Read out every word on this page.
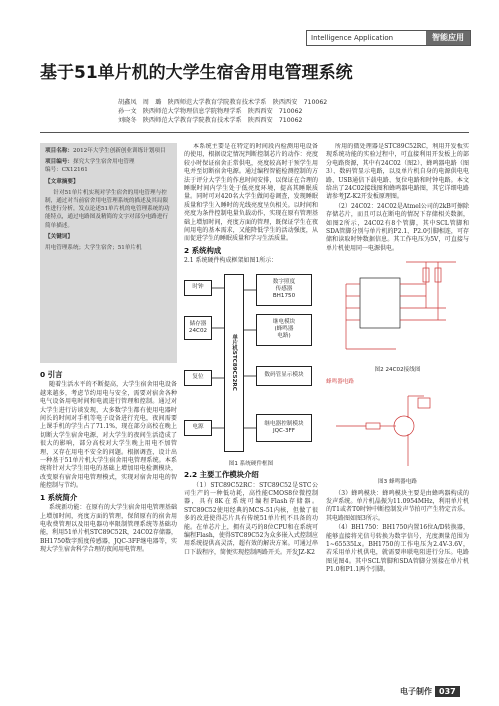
Intelligence Application	智能应用
基于51单片机的大学生宿舍用电管理系统
胡鑫凤　周　璐　陕西师范大学教育学院教育技术学系　陕西西安　710062
孙一文　陕西师范大学物理信息学院物理学系　陕西西安　710062
刘晓冬　陕西师范大学教育学院教育技术学系　陕西西安　710062

项目名称：2012年大学生创新创业训练计划项目

项目编号：探究大学生宿舍用电管理
编号：CX12161

【文章摘要】

针对51单片机实现对学生宿舍的用电管理与控制，通过对当前宿舍用电管理系统的描述及其局限性进行分析，发点论述51单片机的电管理系统的功能特点，通过电路图及精简的文字对部分电路进行简单描述。

【关键词】

用电管理系统；大学生宿舍；51单片机

0 引言

随着生活水平的不断提高，大学生宿舍用电设备越来越多，考虑节约用电与安全，需要对宿舍各种电气设备用电时间和电流进行管理和控制。通过对大学生进行访谈发现，大多数学生都有使用电器时间长的时间对手机等电子设备进行充电，夜间需要上课手机的学生占了71.1%，现在部分高校在晚上切断大学生宿舍电源，对大学生的夜间生活造成了很大的影响，部分高校对大学生晚上用电不加管理，又存在用电不安全的问题。根据调查，设计出一种基于51单片机大学生宿舍用电管理系统。本系统将针对大学生用电的基础上增加用电检测模块，改变原有宿舍用电管理模式，实现对宿舍用电的智能控制与节约。

1 系统简介

系统新功能：在原有的大学生宿舍用电管理基础上增加时间，亮度方面的管理，保留原有的宿舍用电收费管理以及用电器功率限制管理系统等基础功能，利用51单片机STC89C52R，24C02存储器，BH1750数字照度传感器，JQC-3FF继电器等，实现大学生宿舍科学合理的夜间用电管理。

本系统主要是在特定的时间段内检测用电设备的使用，根据设定情况判断控制芯片的动作：亮度较小时保证宿舍正常供电，亮度较高时于预学生用电并至切断宿舍电源。通过编程智能检测控制的方法于评分大学生的作息时间安排，以保证在合理的睡眠时间内学生处于低亮度环境，提高其睡眠质量。同时可对420名大学生做问卷调查，发现睡眠质量和学生入睡时的光线亮度呈负相关。以时间和亮度为条件控制电量负载动作，实现在原有管理基础上增加时间，亮度方面的管理，既保证学生在夜间用电的基本需求，又能降低学生的活动强度，从而促进学生的睡眠质量和学习生活质量。

2 系统构成

2.1 系统硬件构成框架如图1所示：

时钟
储存器
24C02
复位
电源
单片机STC89C52RC
数字照度
传感器
BH1750
继电模块
(蜂鸣器
电路)
数码管显示模块
继电器控制模块
JQC-3FF
图1 系统硬件框图
2.2 主要工作模块介绍

（1）STC89C52RC：STC89C52是STC公司生产的一种低功耗，高性能CMOS8位微控制器，具有8K在系统可编程Flash存储器。STC89C52使用经典的MCS-51内核，但做了很多的改进使得芯片具有传统51单片机不具备的功能。在单芯片上，拥有灵巧的8位CPU和在系统可编程Flash，使得STC89C52为众多嵌入式控制应用系统提供高灵活，超有效的解决方案。可通过串口下载程序，简便实现控制两路开关。开发JZ-K2

所用的微处理器是STC89C52RC，利用开发板实现系统功能的实验过程中，可直接利用开发板上的部分电路资源，其中有24C02（图2）、蜂鸣器电路（图3）、数码管显示电路，以及单片机自身的电源供电电路、USB通信下载电路、复位电路和时钟电路。本文给出了24C02接线图和蜂鸣器电路图，其它详细电路请参考JZ-K2开发板原理图。

（2）24C02：24C02是Atmel公司的2kB可擦除存储芯片，而且可以在断电的情况下存储相关数据，如图2所示，24C02有8个管脚，其中SCL管脚和SDA管脚分别与单片机的P2.1、P2.0引脚相连，可存储和读取时钟数据信息。其工作电压为5V，可直接与单片机使用同一电源供电。

图2 24C02接线图
蜂鸣器电路
图3 蜂鸣器电路

（3）蜂鸣模块：蜂鸣模块主要是由蜂鸣器构成的发声系统。单片机晶振为11.0954MHz，利用单片机的T1或者T0时钟中断控制发声节拍可产生特定音乐。其电路图如图3所示。

（4）BH1750：BH1750内置16位A/D转换器，能够直接将光信号转换为数字信号，光度测量范围为1~65535Lx。BH1750的工作电压为2.4V-3.6V，若采用单片机供电，就需要串联电阻进行分压。电路图见图4。其中SCL管脚和SDA管脚分别接在单片机P1.0和P1.1两个引脚。

电子制作 037
